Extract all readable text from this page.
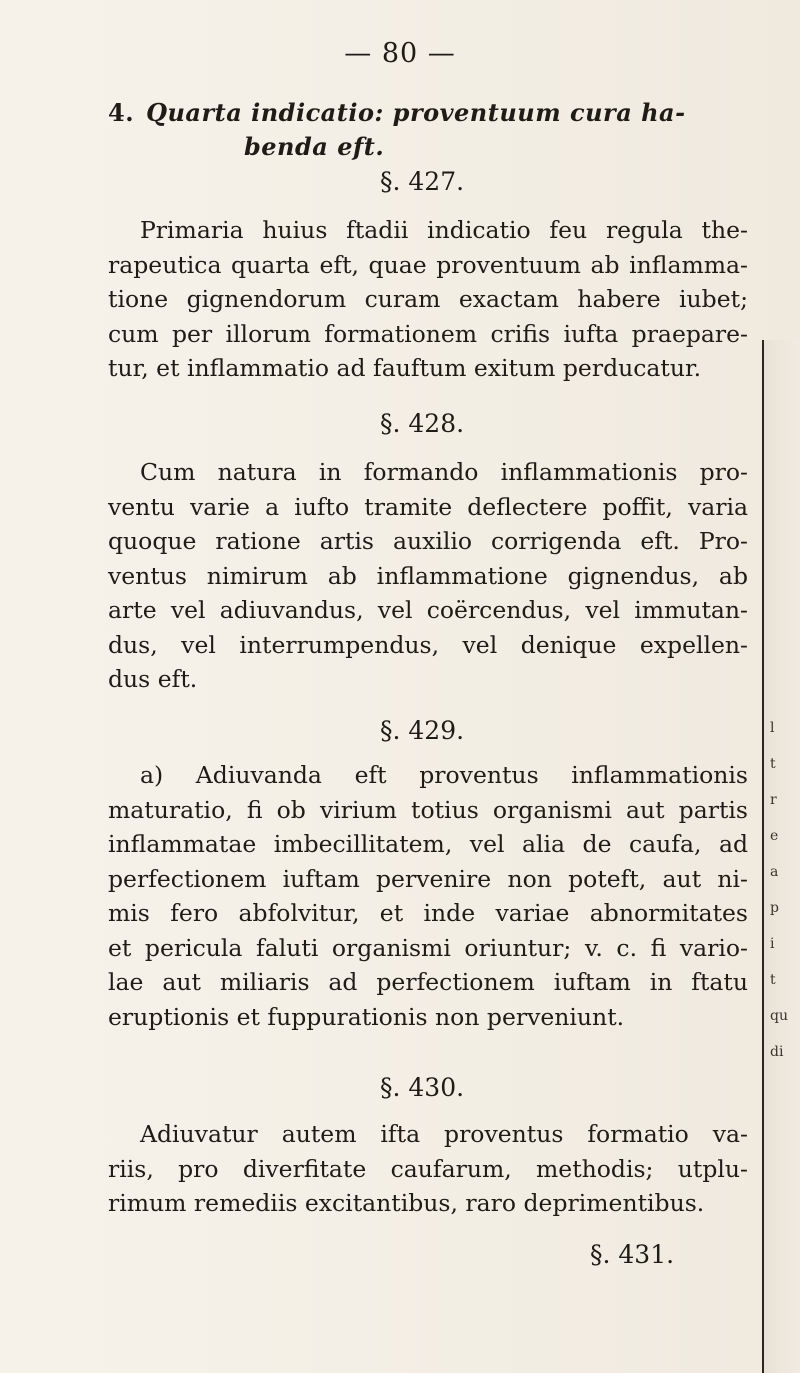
— 80 —
4. Quarta indicatio: proventuum cura ha-
benda eft.
§. 427.
Primaria huius ftadii indicatio feu regula the-
rapeutica quarta eft, quae proventuum ab inflamma-
tione gignendorum curam exactam habere iubet;
cum per illorum formationem crifis iufta praepare-
tur, et inflammatio ad fauftum exitum perducatur.
§. 428.
Cum natura in formando inflammationis pro-
ventu varie a iufto tramite deflectere poffit, varia
quoque ratione artis auxilio corrigenda eft. Pro-
ventus nimirum ab inflammatione gignendus, ab
arte vel adiuvandus, vel coërcendus, vel immutan-
dus, vel interrumpendus, vel denique expellen-
dus eft.
§. 429.
a) Adiuvanda eft proventus inflammationis
maturatio, fi ob virium totius organismi aut partis
inflammatae imbecillitatem, vel alia de caufa, ad
perfectionem iuftam pervenire non poteft, aut ni-
mis fero abfolvitur, et inde variae abnormitates
et pericula faluti organismi oriuntur; v. c. fi vario-
lae aut miliaris ad perfectionem iuftam in ftatu
eruptionis et fuppurationis non perveniunt.
§. 430.
Adiuvatur autem ifta proventus formatio va-
riis, pro diverfitate caufarum, methodis; utplu-
rimum remediis excitantibus, raro deprimentibus.
§. 431.
l
t
r
e
a
p
i
t
qu
di
